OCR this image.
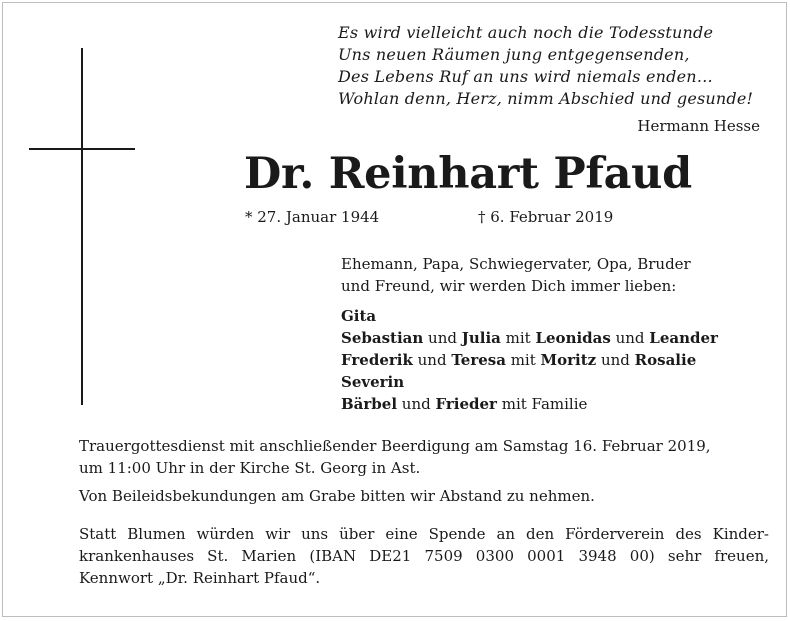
Es wird vielleicht auch noch die Todesstunde
Uns neuen Räumen jung entgegensenden,
Des Lebens Ruf an uns wird niemals enden…
Wohlan denn, Herz, nimm Abschied und gesunde!
Hermann Hesse
Dr. Reinhart Pfaud
* 27. Januar 1944	† 6. Februar 2019
Ehemann, Papa, Schwiegervater, Opa, Bruder
und Freund, wir werden Dich immer lieben:
Gita
Sebastian und Julia mit Leonidas und Leander
Frederik und Teresa mit Moritz und Rosalie
Severin
Bärbel und Frieder mit Familie
Trauergottesdienst mit anschließender Beerdigung am Samstag 16. Februar 2019,
um 11:00 Uhr in der Kirche St. Georg in Ast.
Von Beileidsbekundungen am Grabe bitten wir Abstand zu nehmen.
Statt Blumen würden wir uns über eine Spende an den Förderverein des Kinder-
krankenhauses St. Marien (IBAN DE21 7509 0300 0001 3948 00) sehr freuen,
Kennwort „Dr. Reinhart Pfaud“.
